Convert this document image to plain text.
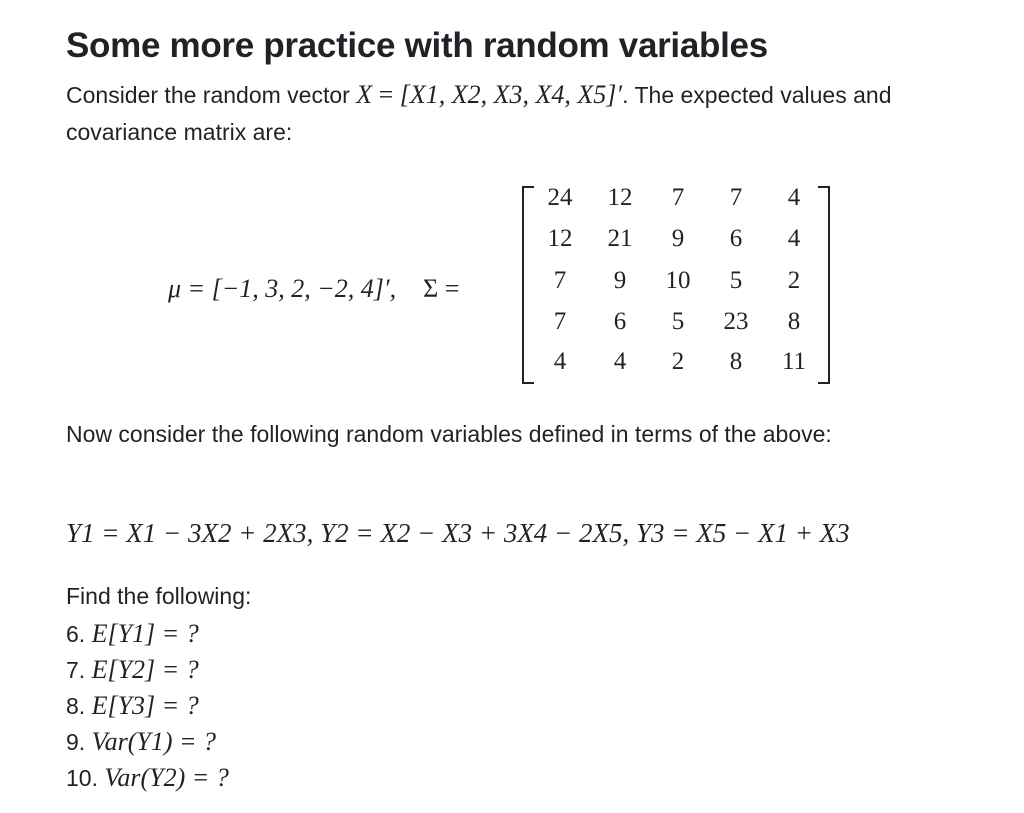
Some more practice with random variables

Consider the random vector X = [X1, X2, X3, X4, X5]′. The expected values and covariance matrix are:

μ = [−1, 3, 2, −2, 4]′, Σ =
24	12	7	7	4
12	21	9	6	4
7	9	10	5	2
7	6	5	23	8
4	4	2	8	11

Now consider the following random variables defined in terms of the above:

Y1 = X1 − 3X2 + 2X3, Y2 = X2 − X3 + 3X4 − 2X5, Y3 = X5 − X1 + X3

Find the following:

6. E[Y1] = ?
7. E[Y2] = ?
8. E[Y3] = ?
9. Var(Y1) = ?
10. Var(Y2) = ?
